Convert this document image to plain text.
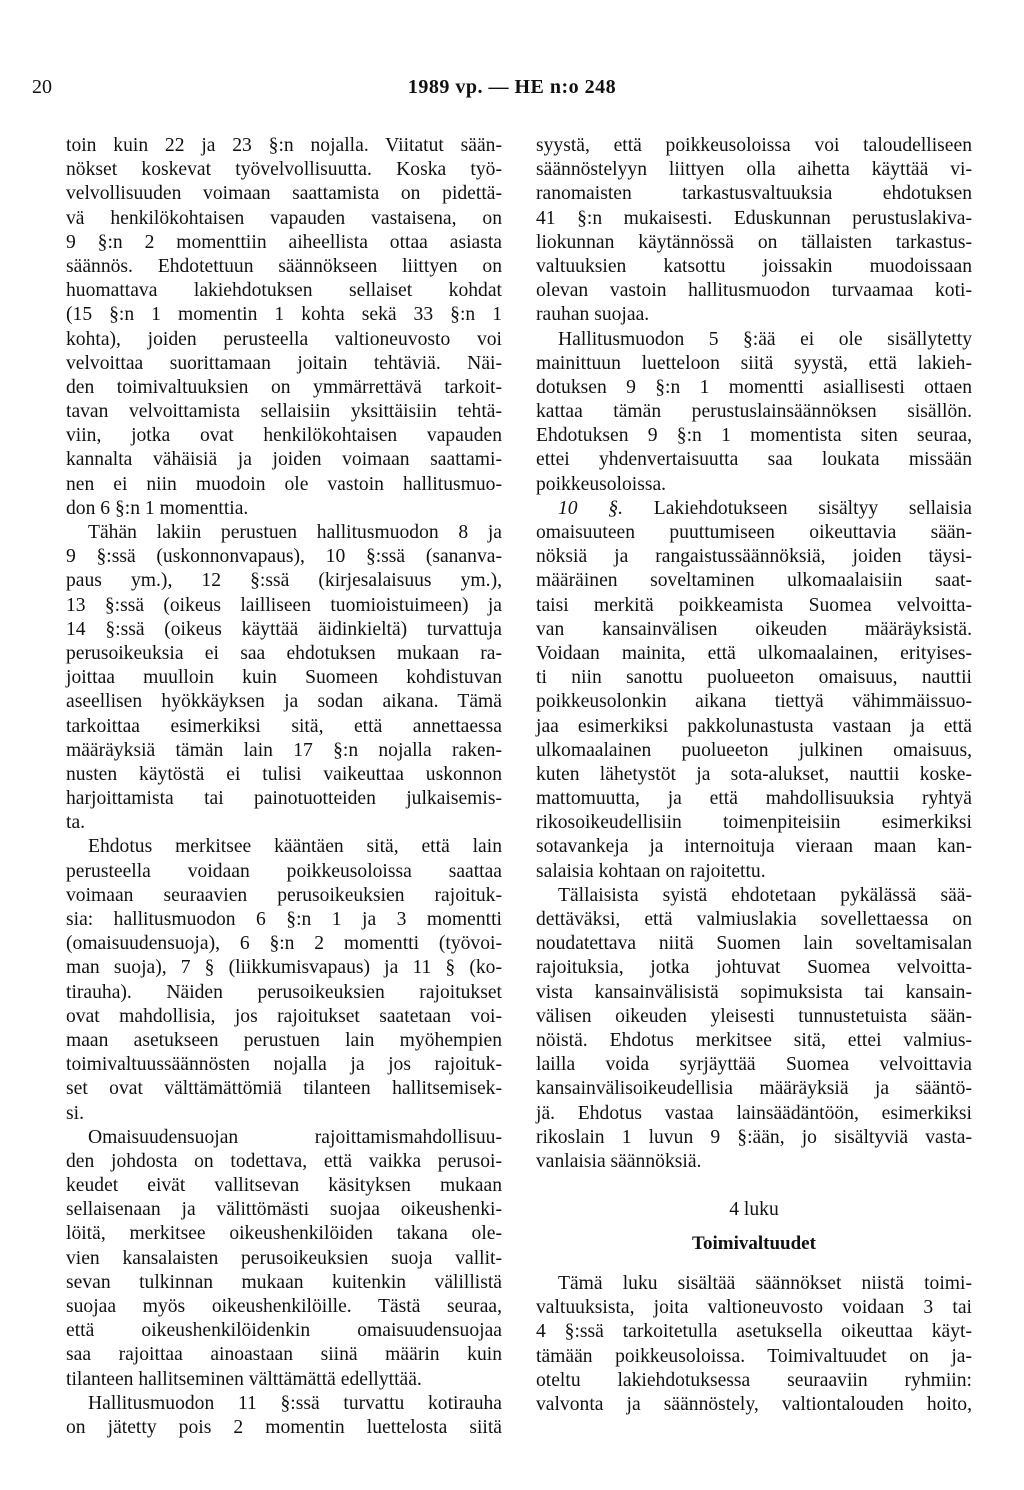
20	1989 vp. — HE n:o 248
toin kuin 22 ja 23 §:n nojalla. Viitatut sään-
nökset koskevat työvelvollisuutta. Koska työ-
velvollisuuden voimaan saattamista on pidettä-
vä henkilökohtaisen vapauden vastaisena, on
9 §:n 2 momenttiin aiheellista ottaa asiasta
säännös. Ehdotettuun säännökseen liittyen on
huomattava lakiehdotuksen sellaiset kohdat
(15 §:n 1 momentin 1 kohta sekä 33 §:n 1
kohta), joiden perusteella valtioneuvosto voi
velvoittaa suorittamaan joitain tehtäviä. Näi-
den toimivaltuuksien on ymmärrettävä tarkoit-
tavan velvoittamista sellaisiin yksittäisiin tehtä-
viin, jotka ovat henkilökohtaisen vapauden
kannalta vähäisiä ja joiden voimaan saattami-
nen ei niin muodoin ole vastoin hallitusmuo-
don 6 §:n 1 momenttia.
Tähän lakiin perustuen hallitusmuodon 8 ja
9 §:ssä (uskonnonvapaus), 10 §:ssä (sananva-
paus ym.), 12 §:ssä (kirjesalaisuus ym.),
13 §:ssä (oikeus lailliseen tuomioistuimeen) ja
14 §:ssä (oikeus käyttää äidinkieltä) turvattuja
perusoikeuksia ei saa ehdotuksen mukaan ra-
joittaa muulloin kuin Suomeen kohdistuvan
aseellisen hyökkäyksen ja sodan aikana. Tämä
tarkoittaa esimerkiksi sitä, että annettaessa
määräyksiä tämän lain 17 §:n nojalla raken-
nusten käytöstä ei tulisi vaikeuttaa uskonnon
harjoittamista tai painotuotteiden julkaisemis-
ta.
Ehdotus merkitsee kääntäen sitä, että lain
perusteella voidaan poikkeusoloissa saattaa
voimaan seuraavien perusoikeuksien rajoituk-
sia: hallitusmuodon 6 §:n 1 ja 3 momentti
(omaisuudensuoja), 6 §:n 2 momentti (työvoi-
man suoja), 7 § (liikkumisvapaus) ja 11 § (ko-
tirauha). Näiden perusoikeuksien rajoitukset
ovat mahdollisia, jos rajoitukset saatetaan voi-
maan asetukseen perustuen lain myöhempien
toimivaltuussäännösten nojalla ja jos rajoituk-
set ovat välttämättömiä tilanteen hallitsemisek-
si.
Omaisuudensuojan rajoittamismahdollisuu-
den johdosta on todettava, että vaikka perusoi-
keudet eivät vallitsevan käsityksen mukaan
sellaisenaan ja välittömästi suojaa oikeushenki-
löitä, merkitsee oikeushenkilöiden takana ole-
vien kansalaisten perusoikeuksien suoja vallit-
sevan tulkinnan mukaan kuitenkin välillistä
suojaa myös oikeushenkilöille. Tästä seuraa,
että oikeushenkilöidenkin omaisuudensuojaa
saa rajoittaa ainoastaan siinä määrin kuin
tilanteen hallitseminen välttämättä edellyttää.
Hallitusmuodon 11 §:ssä turvattu kotirauha
on jätetty pois 2 momentin luettelosta siitä
syystä, että poikkeusoloissa voi taloudelliseen
säännöstelyyn liittyen olla aihetta käyttää vi-
ranomaisten tarkastusvaltuuksia ehdotuksen
41 §:n mukaisesti. Eduskunnan perustuslakiva-
liokunnan käytännössä on tällaisten tarkastus-
valtuuksien katsottu joissakin muodoissaan
olevan vastoin hallitusmuodon turvaamaa koti-
rauhan suojaa.
Hallitusmuodon 5 §:ää ei ole sisällytetty
mainittuun luetteloon siitä syystä, että lakieh-
dotuksen 9 §:n 1 momentti asiallisesti ottaen
kattaa tämän perustuslainsäännöksen sisällön.
Ehdotuksen 9 §:n 1 momentista siten seuraa,
ettei yhdenvertaisuutta saa loukata missään
poikkeusoloissa.
10 §. Lakiehdotukseen sisältyy sellaisia
omaisuuteen puuttumiseen oikeuttavia sään-
nöksiä ja rangaistussäännöksiä, joiden täysi-
määräinen soveltaminen ulkomaalaisiin saat-
taisi merkitä poikkeamista Suomea velvoitta-
van kansainvälisen oikeuden määräyksistä.
Voidaan mainita, että ulkomaalainen, erityises-
ti niin sanottu puolueeton omaisuus, nauttii
poikkeusolonkin aikana tiettyä vähimmäissuo-
jaa esimerkiksi pakkolunastusta vastaan ja että
ulkomaalainen puolueeton julkinen omaisuus,
kuten lähetystöt ja sota-alukset, nauttii koske-
mattomuutta, ja että mahdollisuuksia ryhtyä
rikosoikeudellisiin toimenpiteisiin esimerkiksi
sotavankeja ja internoituja vieraan maan kan-
salaisia kohtaan on rajoitettu.
Tällaisista syistä ehdotetaan pykälässä sää-
dettäväksi, että valmiuslakia sovellettaessa on
noudatettava niitä Suomen lain soveltamisalan
rajoituksia, jotka johtuvat Suomea velvoitta-
vista kansainvälisistä sopimuksista tai kansain-
välisen oikeuden yleisesti tunnustetuista sään-
nöistä. Ehdotus merkitsee sitä, ettei valmius-
lailla voida syrjäyttää Suomea velvoittavia
kansainvälisoikeudellisia määräyksiä ja sääntö-
jä. Ehdotus vastaa lainsäädäntöön, esimerkiksi
rikoslain 1 luvun 9 §:ään, jo sisältyviä vasta-
vanlaisia säännöksiä.
4 luku
Toimivaltuudet
Tämä luku sisältää säännökset niistä toimi-
valtuuksista, joita valtioneuvosto voidaan 3 tai
4 §:ssä tarkoitetulla asetuksella oikeuttaa käyt-
tämään poikkeusoloissa. Toimivaltuudet on ja-
oteltu lakiehdotuksessa seuraaviin ryhmiin:
valvonta ja säännöstely, valtiontalouden hoito,
